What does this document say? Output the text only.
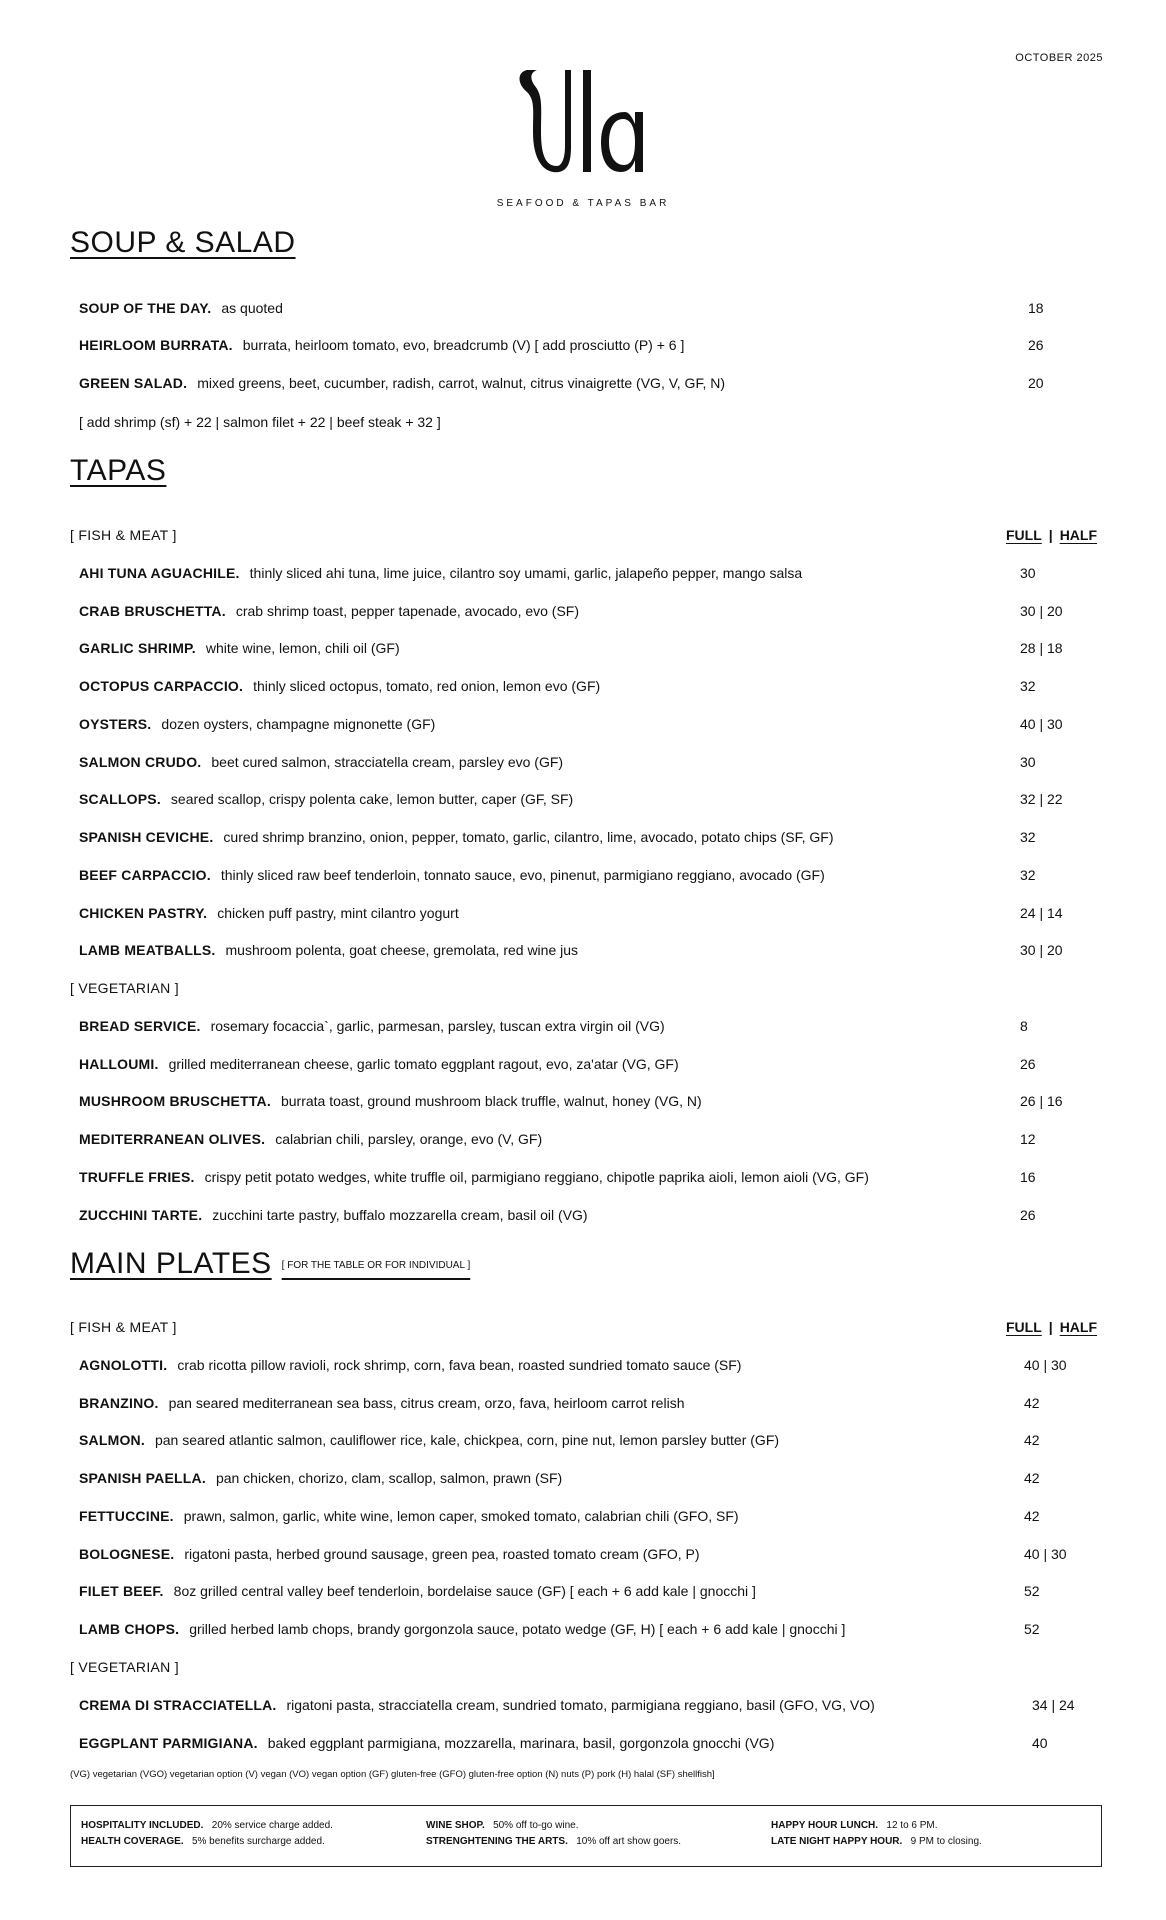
OCTOBER 2025
SEAFOOD & TAPAS BAR
SOUP & SALAD
SOUP OF THE DAY. as quoted	18
HEIRLOOM BURRATA. burrata, heirloom tomato, evo, breadcrumb (V) [ add prosciutto (P) + 6 ]	26
GREEN SALAD. mixed greens, beet, cucumber, radish, carrot, walnut, citrus vinaigrette (VG, V, GF, N)	20
[ add shrimp (sf) + 22 | salmon filet + 22 | beef steak + 32 ]
TAPAS
[ FISH & MEAT ]	FULL | HALF
AHI TUNA AGUACHILE. thinly sliced ahi tuna, lime juice, cilantro soy umami, garlic, jalapeño pepper, mango salsa	30
CRAB BRUSCHETTA. crab shrimp toast, pepper tapenade, avocado, evo (SF)	30 | 20
GARLIC SHRIMP. white wine, lemon, chili oil (GF)	28 | 18
OCTOPUS CARPACCIO. thinly sliced octopus, tomato, red onion, lemon evo (GF)	32
OYSTERS. dozen oysters, champagne mignonette (GF)	40 | 30
SALMON CRUDO. beet cured salmon, stracciatella cream, parsley evo (GF)	30
SCALLOPS. seared scallop, crispy polenta cake, lemon butter, caper (GF, SF)	32 | 22
SPANISH CEVICHE. cured shrimp branzino, onion, pepper, tomato, garlic, cilantro, lime, avocado, potato chips (SF, GF)	32
BEEF CARPACCIO. thinly sliced raw beef tenderloin, tonnato sauce, evo, pinenut, parmigiano reggiano, avocado (GF)	32
CHICKEN PASTRY. chicken puff pastry, mint cilantro yogurt	24 | 14
LAMB MEATBALLS. mushroom polenta, goat cheese, gremolata, red wine jus	30 | 20
[ VEGETARIAN ]
BREAD SERVICE. rosemary focaccia`, garlic, parmesan, parsley, tuscan extra virgin oil (VG)	8
HALLOUMI. grilled mediterranean cheese, garlic tomato eggplant ragout, evo, za'atar (VG, GF)	26
MUSHROOM BRUSCHETTA. burrata toast, ground mushroom black truffle, walnut, honey (VG, N)	26 | 16
MEDITERRANEAN OLIVES. calabrian chili, parsley, orange, evo (V, GF)	12
TRUFFLE FRIES. crispy petit potato wedges, white truffle oil, parmigiano reggiano, chipotle paprika aioli, lemon aioli (VG, GF)	16
ZUCCHINI TARTE. zucchini tarte pastry, buffalo mozzarella cream, basil oil (VG)	26
MAIN PLATES [ FOR THE TABLE OR FOR INDIVIDUAL ]
[ FISH & MEAT ]	FULL | HALF
AGNOLOTTI. crab ricotta pillow ravioli, rock shrimp, corn, fava bean, roasted sundried tomato sauce (SF)	40 | 30
BRANZINO. pan seared mediterranean sea bass, citrus cream, orzo, fava, heirloom carrot relish	42
SALMON. pan seared atlantic salmon, cauliflower rice, kale, chickpea, corn, pine nut, lemon parsley butter (GF)	42
SPANISH PAELLA. pan chicken, chorizo, clam, scallop, salmon, prawn (SF)	42
FETTUCCINE. prawn, salmon, garlic, white wine, lemon caper, smoked tomato, calabrian chili (GFO, SF)	42
BOLOGNESE. rigatoni pasta, herbed ground sausage, green pea, roasted tomato cream (GFO, P)	40 | 30
FILET BEEF. 8oz grilled central valley beef tenderloin, bordelaise sauce (GF) [ each + 6 add kale | gnocchi ]	52
LAMB CHOPS. grilled herbed lamb chops, brandy gorgonzola sauce, potato wedge (GF, H) [ each + 6 add kale | gnocchi ]	52
[ VEGETARIAN ]
CREMA DI STRACCIATELLA. rigatoni pasta, stracciatella cream, sundried tomato, parmigiana reggiano, basil (GFO, VG, VO)	34 | 24
EGGPLANT PARMIGIANA. baked eggplant parmigiana, mozzarella, marinara, basil, gorgonzola gnocchi (VG)	40
(VG) vegetarian (VGO) vegetarian option (V) vegan (VO) vegan option (GF) gluten-free (GFO) gluten-free option (N) nuts (P) pork (H) halal (SF) shellfish]
HOSPITALITY INCLUDED. 20% service charge added.
HEALTH COVERAGE. 5% benefits surcharge added.
WINE SHOP. 50% off to-go wine.
STRENGHTENING THE ARTS. 10% off art show goers.
HAPPY HOUR LUNCH. 12 to 6 PM.
LATE NIGHT HAPPY HOUR. 9 PM to closing.
